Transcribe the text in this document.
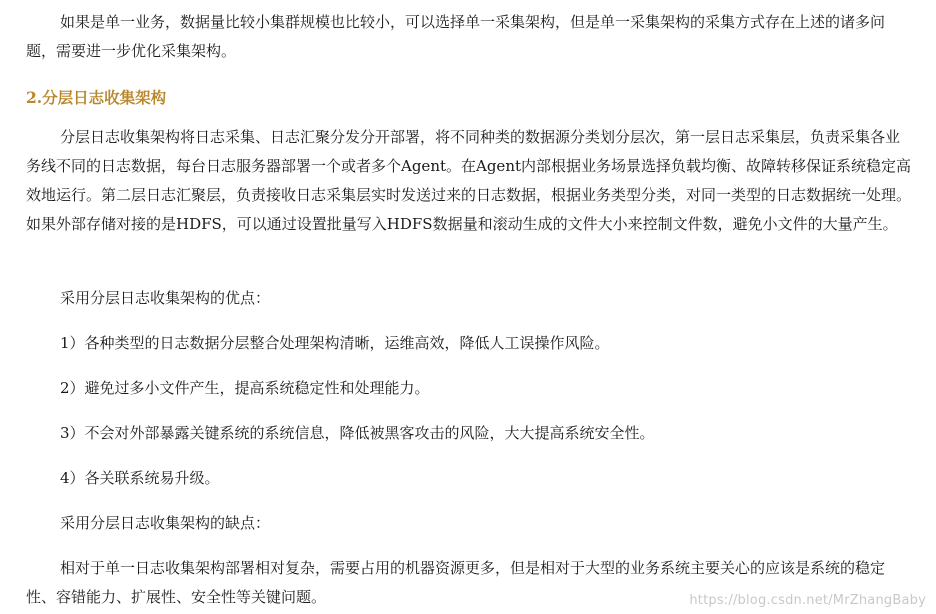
如果是单一业务，数据量比较小集群规模也比较小，可以选择单一采集架构，但是单一采集架构的采集方式存在上述的诸多问题，需要进一步优化采集架构。

2.分层日志收集架构

分层日志收集架构将日志采集、日志汇聚分发分开部署，将不同种类的数据源分类划分层次，第一层日志采集层，负责采集各业务线不同的日志数据，每台日志服务器部署一个或者多个Agent。在Agent内部根据业务场景选择负载均衡、故障转移保证系统稳定高效地运行。第二层日志汇聚层，负责接收日志采集层实时发送过来的日志数据，根据业务类型分类，对同一类型的日志数据统一处理。如果外部存储对接的是HDFS，可以通过设置批量写入HDFS数据量和滚动生成的文件大小来控制文件数，避免小文件的大量产生。

采用分层日志收集架构的优点：

1）各种类型的日志数据分层整合处理架构清晰，运维高效，降低人工误操作风险。

2）避免过多小文件产生，提高系统稳定性和处理能力。

3）不会对外部暴露关键系统的系统信息，降低被黑客攻击的风险，大大提高系统安全性。

4）各关联系统易升级。

采用分层日志收集架构的缺点：

相对于单一日志收集架构部署相对复杂，需要占用的机器资源更多，但是相对于大型的业务系统主要关心的应该是系统的稳定性、容错能力、扩展性、安全性等关键问题。	https://blog.csdn.net/MrZhangBaby
